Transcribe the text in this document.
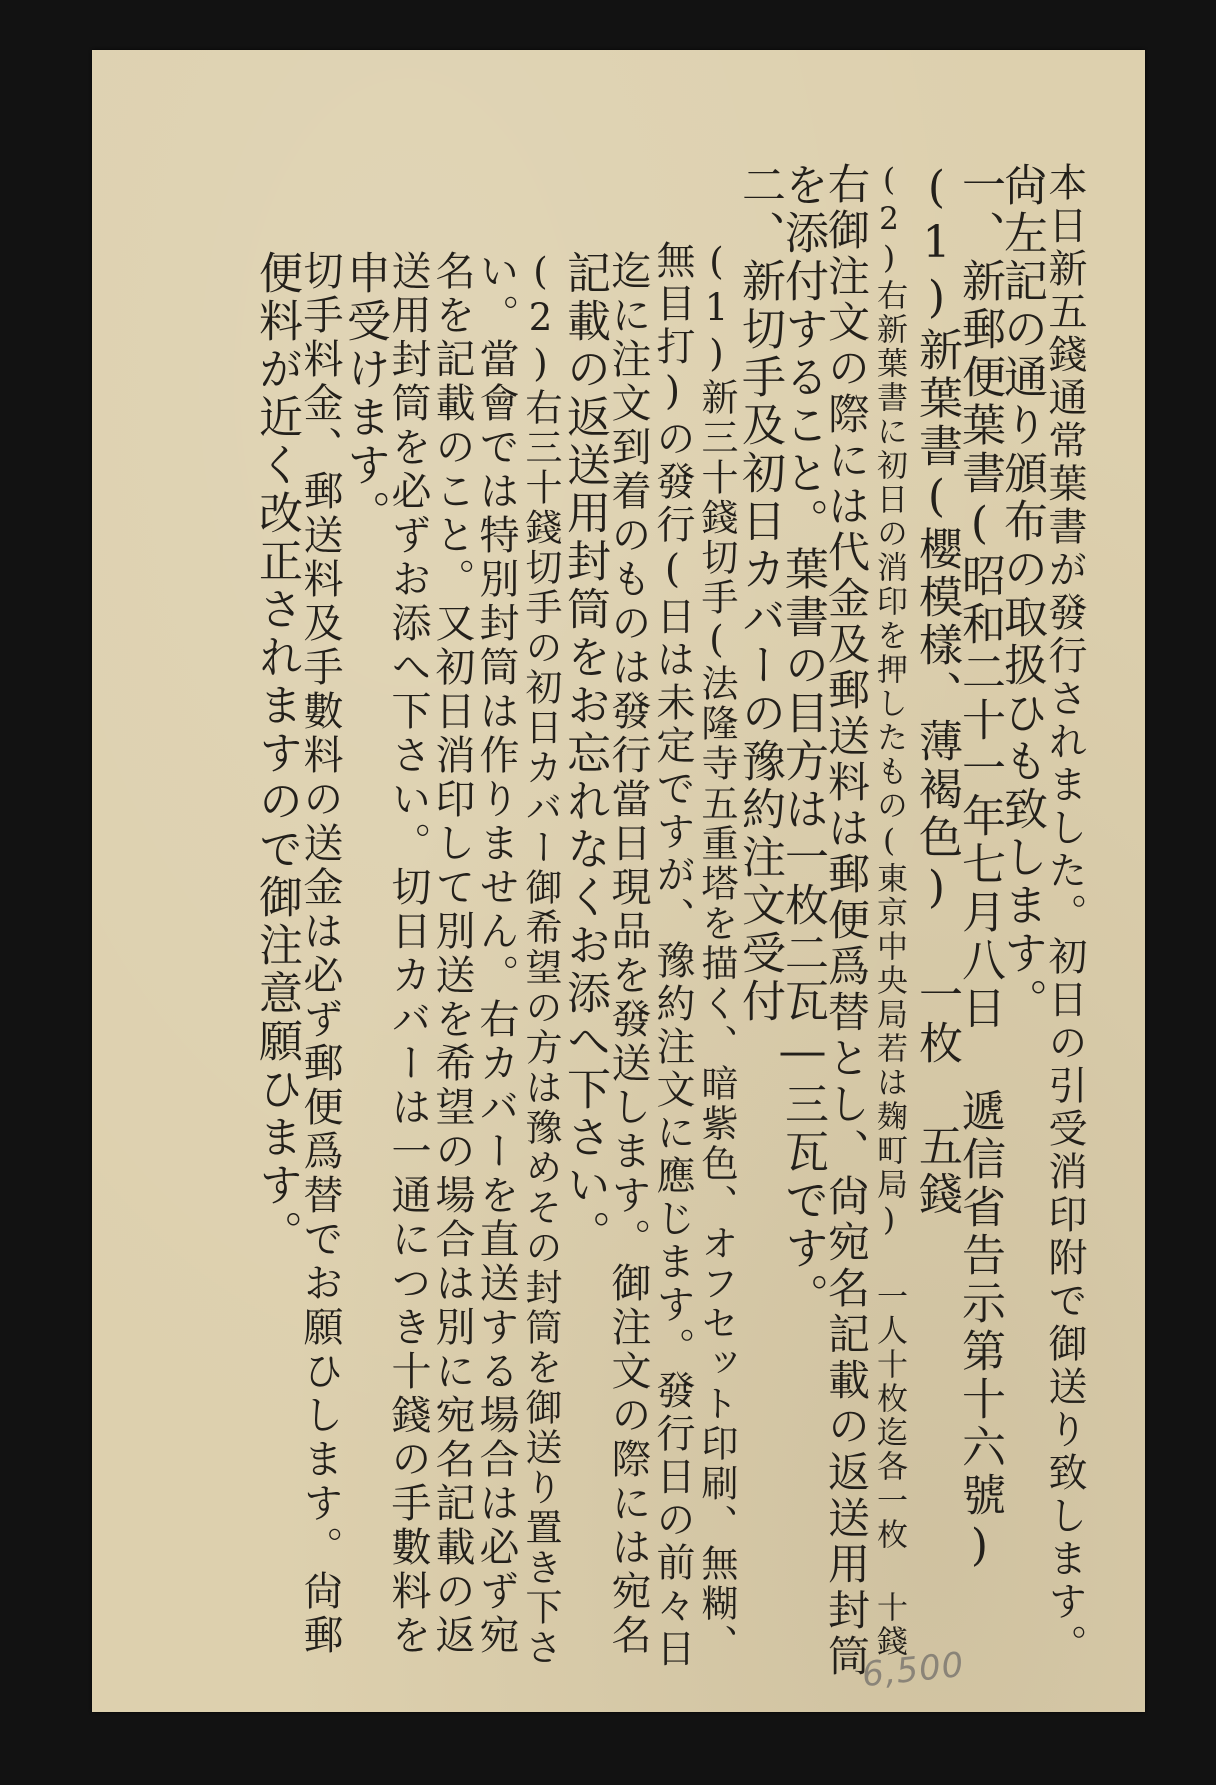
本日新五錢通常葉書が發行されました。初日の引受消印附で御送り致します。
尙左記の通り頒布の取扱ひも致します。
一、新郵便葉書(昭和二十一年七月八日 遞信省告示第十六號)
(1)新葉書(櫻模樣、薄褐色) 一枚 五錢
(2)右新葉書に初日の消印を押したもの(東京中央局若は麹町局) 一人十枚迄各一枚 十錢
右御注文の際には代金及郵送料は郵便爲替とし、尙宛名記載の返送用封筒
を添付すること。葉書の目方は一枚二瓦―三瓦です。
二、新切手及初日カバーの豫約注文受付
(1)新三十錢切手(法隆寺五重塔を描く、暗紫色、オフセット印刷、無糊、
無目打)の發行(日は未定ですが、豫約注文に應じます。發行日の前々日
迄に注文到着のものは發行當日現品を發送します。御注文の際には宛名
記載の返送用封筒をお忘れなくお添へ下さい。
(2)右三十錢切手の初日カバー御希望の方は豫めその封筒を御送り置き下さ
い。當會では特別封筒は作りません。右カバーを直送する場合は必ず宛
名を記載のこと。又初日消印して別送を希望の場合は別に宛名記載の返
送用封筒を必ずお添へ下さい。切日カバーは一通につき十錢の手數料を
申受けます。
切手料金、郵送料及手數料の送金は必ず郵便爲替でお願ひします。尙郵
便料が近く改正されますので御注意願ひます。
6,500
